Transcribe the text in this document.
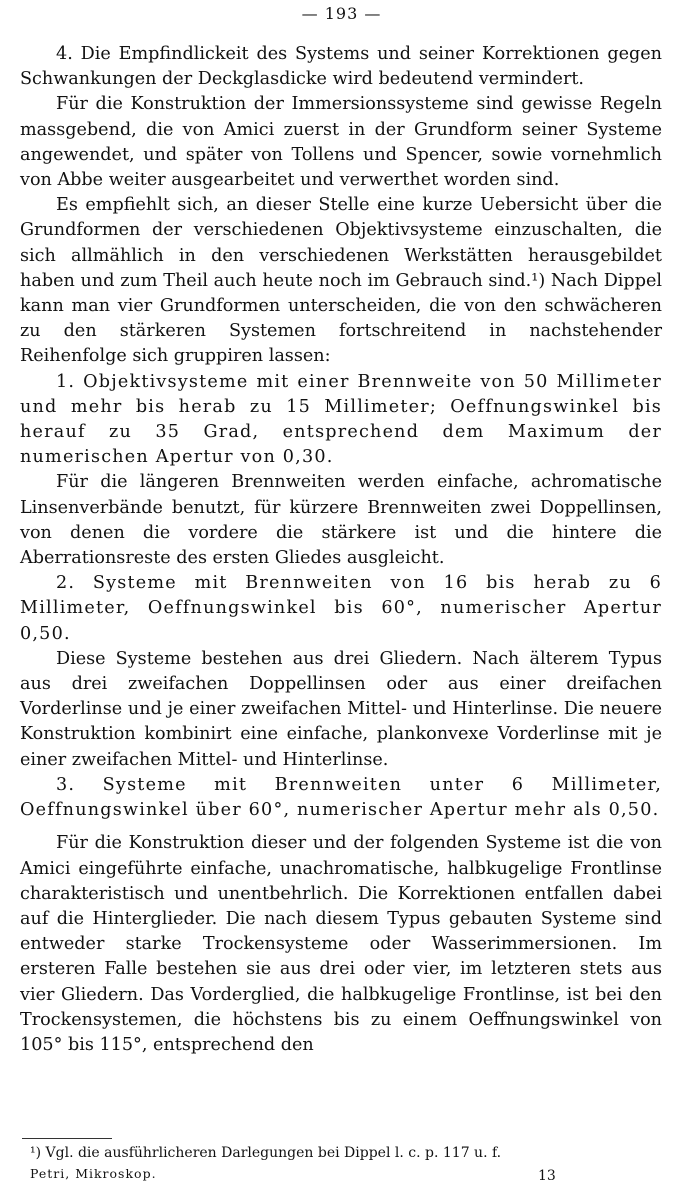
— 193 —

4. Die Empfindlickeit des Systems und seiner Korrektionen gegen Schwankungen der Deckglasdicke wird bedeutend vermindert.

Für die Konstruktion der Immersionssysteme sind gewisse Regeln massgebend, die von Amici zuerst in der Grundform seiner Systeme angewendet, und später von Tollens und Spencer, sowie vornehmlich von Abbe weiter ausgearbeitet und verwerthet worden sind.

Es empfiehlt sich, an dieser Stelle eine kurze Uebersicht über die Grundformen der verschiedenen Objektivsysteme einzuschalten, die sich allmählich in den verschiedenen Werkstätten herausgebildet haben und zum Theil auch heute noch im Gebrauch sind.¹) Nach Dippel kann man vier Grundformen unterscheiden, die von den schwächeren zu den stärkeren Systemen fortschreitend in nachstehender Reihenfolge sich gruppiren lassen:

1. Objektivsysteme mit einer Brennweite von 50 Millimeter und mehr bis herab zu 15 Millimeter; Oeffnungswinkel bis herauf zu 35 Grad, entsprechend dem Maximum der numerischen Apertur von 0,30.

Für die längeren Brennweiten werden einfache, achromatische Linsenverbände benutzt, für kürzere Brennweiten zwei Doppellinsen, von denen die vordere die stärkere ist und die hintere die Aberrationsreste des ersten Gliedes ausgleicht.

2. Systeme mit Brennweiten von 16 bis herab zu 6 Millimeter, Oeffnungswinkel bis 60°, numerischer Apertur 0,50.

Diese Systeme bestehen aus drei Gliedern. Nach älterem Typus aus drei zweifachen Doppellinsen oder aus einer dreifachen Vorderlinse und je einer zweifachen Mittel- und Hinterlinse. Die neuere Konstruktion kombinirt eine einfache, plankonvexe Vorderlinse mit je einer zweifachen Mittel- und Hinterlinse.

3. Systeme mit Brennweiten unter 6 Millimeter, Oeffnungswinkel über 60°, numerischer Apertur mehr als 0,50.

Für die Konstruktion dieser und der folgenden Systeme ist die von Amici eingeführte einfache, unachromatische, halbkugelige Frontlinse charakteristisch und unentbehrlich. Die Korrektionen entfallen dabei auf die Hinterglieder. Die nach diesem Typus gebauten Systeme sind entweder starke Trockensysteme oder Wasserimmersionen. Im ersteren Falle bestehen sie aus drei oder vier, im letzteren stets aus vier Gliedern. Das Vorderglied, die halbkugelige Frontlinse, ist bei den Trockensystemen, die höchstens bis zu einem Oeffnungswinkel von 105° bis 115°, entsprechend den

¹) Vgl. die ausführlicheren Darlegungen bei Dippel l. c. p. 117 u. f.
Petri, Mikroskop.	13
